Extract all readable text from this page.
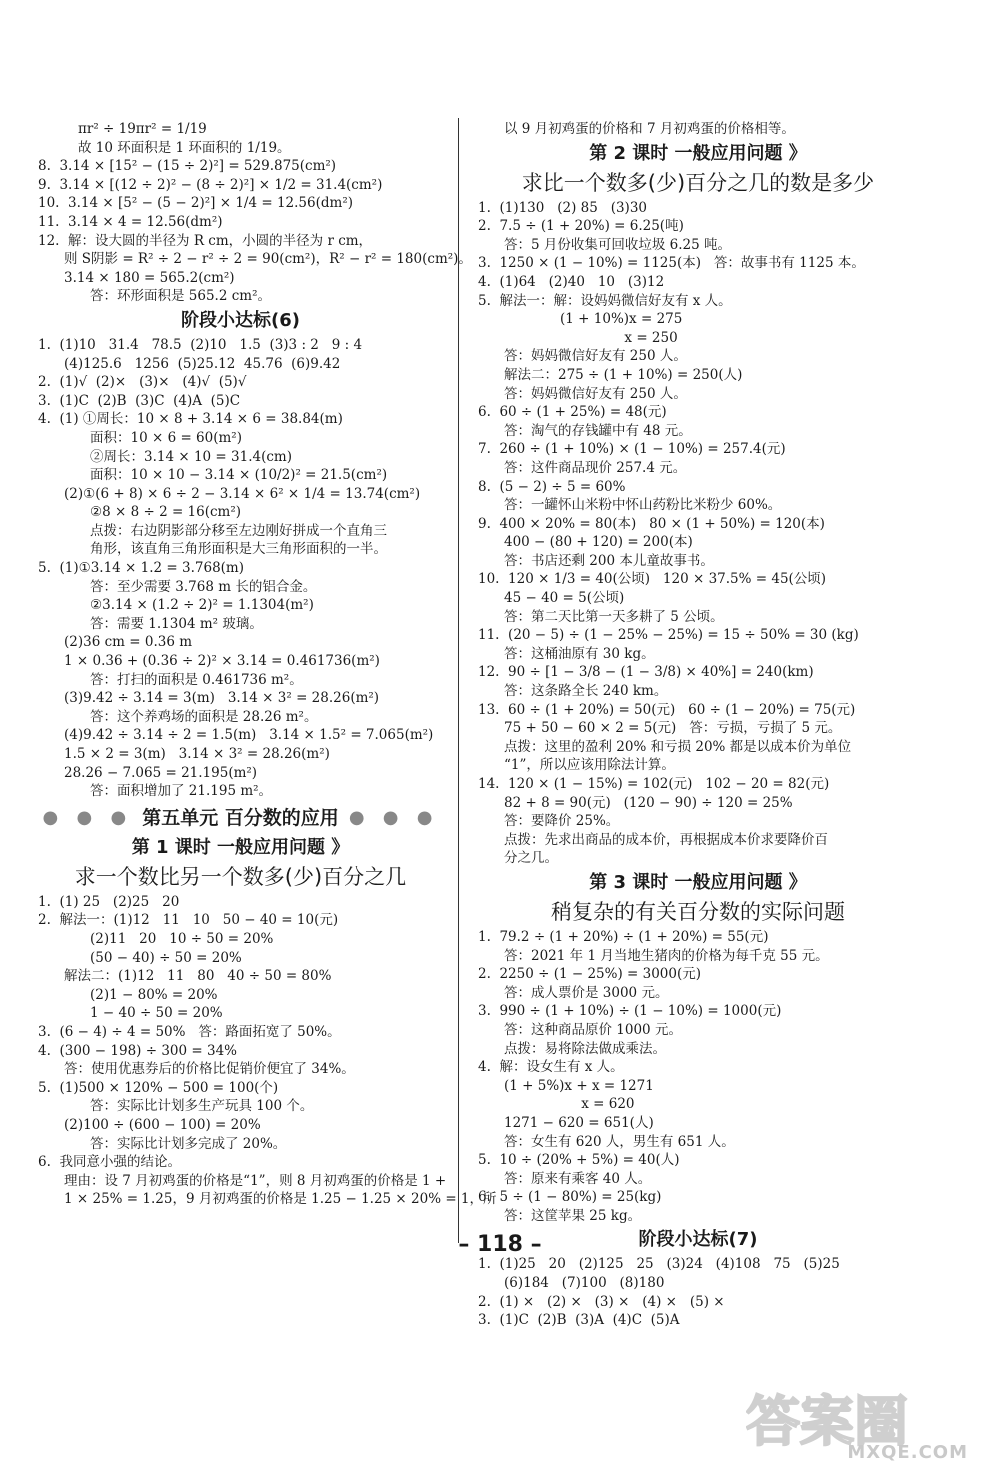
πr² ÷ 19πr² = 1/19
故 10 环面积是 1 环面积的 1/19。
8.  3.14 × [15² − (15 ÷ 2)²] = 529.875(cm²)
9.  3.14 × [(12 ÷ 2)² − (8 ÷ 2)²] × 1/2 = 31.4(cm²)
10.  3.14 × [5² − (5 − 2)²] × 1/4 = 12.56(dm²)
11.  3.14 × 4 = 12.56(dm²)
12.  解：设大圆的半径为 R cm，小圆的半径为 r cm，
则 S阴影 = R² ÷ 2 − r² ÷ 2 = 90(cm²)，R² − r² = 180(cm²)。
3.14 × 180 = 565.2(cm²)
答：环形面积是 565.2 cm²。
阶段小达标(6)
1.  (1)10   31.4   78.5  (2)10   1.5  (3)3 : 2   9 : 4
(4)125.6   1256  (5)25.12  45.76  (6)9.42
2.  (1)√  (2)×   (3)×   (4)√  (5)√
3.  (1)C  (2)B  (3)C  (4)A  (5)C
4.  (1) ①周长：10 × 8 + 3.14 × 6 = 38.84(m)
面积：10 × 6 = 60(m²)
②周长：3.14 × 10 = 31.4(cm)
面积：10 × 10 − 3.14 × (10/2)² = 21.5(cm²)
(2)①(6 + 8) × 6 ÷ 2 − 3.14 × 6² × 1/4 = 13.74(cm²)
②8 × 8 ÷ 2 = 16(cm²)
点拨：右边阴影部分移至左边刚好拼成一个直角三
角形，该直角三角形面积是大三角形面积的一半。
5.  (1)①3.14 × 1.2 = 3.768(m)
答：至少需要 3.768 m 长的铝合金。
②3.14 × (1.2 ÷ 2)² = 1.1304(m²)
答：需要 1.1304 m² 玻璃。
(2)36 cm = 0.36 m
1 × 0.36 + (0.36 ÷ 2)² × 3.14 = 0.461736(m²)
答：打扫的面积是 0.461736 m²。
(3)9.42 ÷ 3.14 = 3(m)   3.14 × 3² = 28.26(m²)
答：这个养鸡场的面积是 28.26 m²。
(4)9.42 ÷ 3.14 ÷ 2 = 1.5(m)   3.14 × 1.5² = 7.065(m²)
1.5 × 2 = 3(m)   3.14 × 3² = 28.26(m²)
28.26 − 7.065 = 21.195(m²)
答：面积增加了 21.195 m²。
● ● ● 第五单元 百分数的应用 ● ● ●
第 1 课时 一般应用问题 》
求一个数比另一个数多(少)百分之几
1.  (1) 25   (2)25   20
2.  解法一：(1)12   11   10   50 − 40 = 10(元)
(2)11   20   10 ÷ 50 = 20%
(50 − 40) ÷ 50 = 20%
解法二：(1)12   11   80   40 ÷ 50 = 80%
(2)1 − 80% = 20%
1 − 40 ÷ 50 = 20%
3.  (6 − 4) ÷ 4 = 50%   答：路面拓宽了 50%。
4.  (300 − 198) ÷ 300 = 34%
答：使用优惠券后的价格比促销价便宜了 34%。
5.  (1)500 × 120% − 500 = 100(个)
答：实际比计划多生产玩具 100 个。
(2)100 ÷ (600 − 100) = 20%
答：实际比计划多完成了 20%。
6.  我同意小强的结论。
理由：设 7 月初鸡蛋的价格是“1”，则 8 月初鸡蛋的价格是 1 +
1 × 25% = 1.25，9 月初鸡蛋的价格是 1.25 − 1.25 × 20% = 1，所
以 9 月初鸡蛋的价格和 7 月初鸡蛋的价格相等。
第 2 课时 一般应用问题 》
求比一个数多(少)百分之几的数是多少
1.  (1)130   (2) 85   (3)30
2.  7.5 ÷ (1 + 20%) = 6.25(吨)
答：5 月份收集可回收垃圾 6.25 吨。
3.  1250 × (1 − 10%) = 1125(本)   答：故事书有 1125 本。
4.  (1)64   (2)40   10   (3)12
5.  解法一：解：设妈妈微信好友有 x 人。
(1 + 10%)x = 275
x = 250
答：妈妈微信好友有 250 人。
解法二：275 ÷ (1 + 10%) = 250(人)
答：妈妈微信好友有 250 人。
6.  60 ÷ (1 + 25%) = 48(元)
答：淘气的存钱罐中有 48 元。
7.  260 ÷ (1 + 10%) × (1 − 10%) = 257.4(元)
答：这件商品现价 257.4 元。
8.  (5 − 2) ÷ 5 = 60%
答：一罐怀山米粉中怀山药粉比米粉少 60%。
9.  400 × 20% = 80(本)   80 × (1 + 50%) = 120(本)
400 − (80 + 120) = 200(本)
答：书店还剩 200 本儿童故事书。
10.  120 × 1/3 = 40(公顷)   120 × 37.5% = 45(公顷)
45 − 40 = 5(公顷)
答：第二天比第一天多耕了 5 公顷。
11.  (20 − 5) ÷ (1 − 25% − 25%) = 15 ÷ 50% = 30 (kg)
答：这桶油原有 30 kg。
12.  90 ÷ [1 − 3/8 − (1 − 3/8) × 40%] = 240(km)
答：这条路全长 240 km。
13.  60 ÷ (1 + 20%) = 50(元)   60 ÷ (1 − 20%) = 75(元)
75 + 50 − 60 × 2 = 5(元)   答：亏损，亏损了 5 元。
点拨：这里的盈利 20% 和亏损 20% 都是以成本价为单位
“1”，所以应该用除法计算。
14.  120 × (1 − 15%) = 102(元)   102 − 20 = 82(元)
82 + 8 = 90(元)   (120 − 90) ÷ 120 = 25%
答：要降价 25%。
点拨：先求出商品的成本价，再根据成本价求要降价百
分之几。
第 3 课时 一般应用问题 》
稍复杂的有关百分数的实际问题
1.  79.2 ÷ (1 + 20%) ÷ (1 + 20%) = 55(元)
答：2021 年 1 月当地生猪肉的价格为每千克 55 元。
2.  2250 ÷ (1 − 25%) = 3000(元)
答：成人票价是 3000 元。
3.  990 ÷ (1 + 10%) ÷ (1 − 10%) = 1000(元)
答：这种商品原价 1000 元。
点拨：易将除法做成乘法。
4.  解：设女生有 x 人。
(1 + 5%)x + x = 1271
x = 620
1271 − 620 = 651(人)
答：女生有 620 人，男生有 651 人。
5.  10 ÷ (20% + 5%) = 40(人)
答：原来有乘客 40 人。
6.  5 ÷ (1 − 80%) = 25(kg)
答：这筐苹果 25 kg。
阶段小达标(7)
1.  (1)25   20   (2)125   25   (3)24   (4)108   75   (5)25
(6)184   (7)100   (8)180
2.  (1) ×   (2) ×   (3) ×   (4) ×   (5) ×
3.  (1)C  (2)B  (3)A  (4)C  (5)A
– 118 –
答案圈
MXQE.COM
